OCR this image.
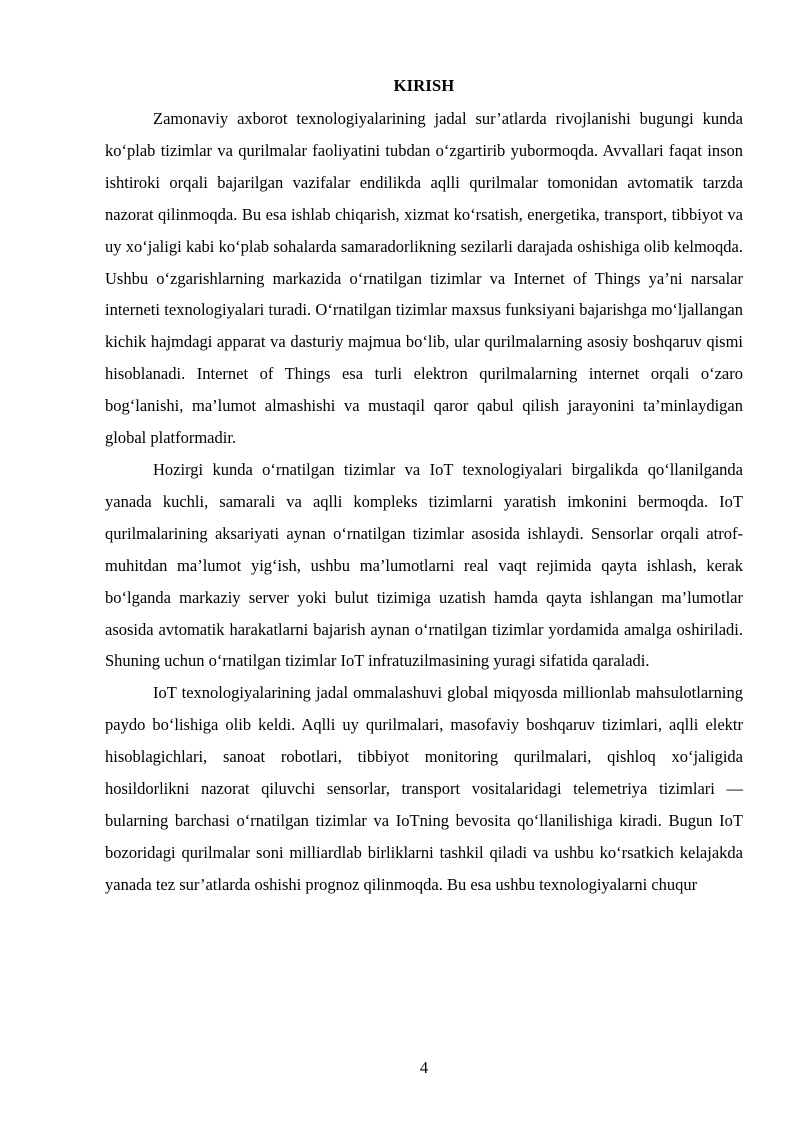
KIRISH

Zamonaviy axborot texnologiyalarining jadal sur’atlarda rivojlanishi bugungi kunda ko‘plab tizimlar va qurilmalar faoliyatini tubdan o‘zgartirib yubormoqda. Avvallari faqat inson ishtiroki orqali bajarilgan vazifalar endilikda aqlli qurilmalar tomonidan avtomatik tarzda nazorat qilinmoqda. Bu esa ishlab chiqarish, xizmat ko‘rsatish, energetika, transport, tibbiyot va uy xo‘jaligi kabi ko‘plab sohalarda samaradorlikning sezilarli darajada oshishiga olib kelmoqda. Ushbu o‘zgarishlarning markazida o‘rnatilgan tizimlar va Internet of Things ya’ni narsalar interneti texnologiyalari turadi. O‘rnatilgan tizimlar maxsus funksiyani bajarishga mo‘ljallangan kichik hajmdagi apparat va dasturiy majmua bo‘lib, ular qurilmalarning asosiy boshqaruv qismi hisoblanadi. Internet of Things esa turli elektron qurilmalarning internet orqali o‘zaro bog‘lanishi, ma’lumot almashishi va mustaqil qaror qabul qilish jarayonini ta’minlaydigan global platformadir.

Hozirgi kunda o‘rnatilgan tizimlar va IoT texnologiyalari birgalikda qo‘llanilganda yanada kuchli, samarali va aqlli kompleks tizimlarni yaratish imkonini bermoqda. IoT qurilmalarining aksariyati aynan o‘rnatilgan tizimlar asosida ishlaydi. Sensorlar orqali atrof-muhitdan ma’lumot yig‘ish, ushbu ma’lumotlarni real vaqt rejimida qayta ishlash, kerak bo‘lganda markaziy server yoki bulut tizimiga uzatish hamda qayta ishlangan ma’lumotlar asosida avtomatik harakatlarni bajarish aynan o‘rnatilgan tizimlar yordamida amalga oshiriladi. Shuning uchun o‘rnatilgan tizimlar IoT infratuzilmasining yuragi sifatida qaraladi.

IoT texnologiyalarining jadal ommalashuvi global miqyosda millionlab mahsulotlarning paydo bo‘lishiga olib keldi. Aqlli uy qurilmalari, masofaviy boshqaruv tizimlari, aqlli elektr hisoblagichlari, sanoat robotlari, tibbiyot monitoring qurilmalari, qishloq xo‘jaligida hosildorlikni nazorat qiluvchi sensorlar, transport vositalaridagi telemetriya tizimlari — bularning barchasi o‘rnatilgan tizimlar va IoTning bevosita qo‘llanilishiga kiradi. Bugun IoT bozoridagi qurilmalar soni milliardlab birliklarni tashkil qiladi va ushbu ko‘rsatkich kelajakda yanada tez sur’atlarda oshishi prognoz qilinmoqda. Bu esa ushbu texnologiyalarni chuqur

4
